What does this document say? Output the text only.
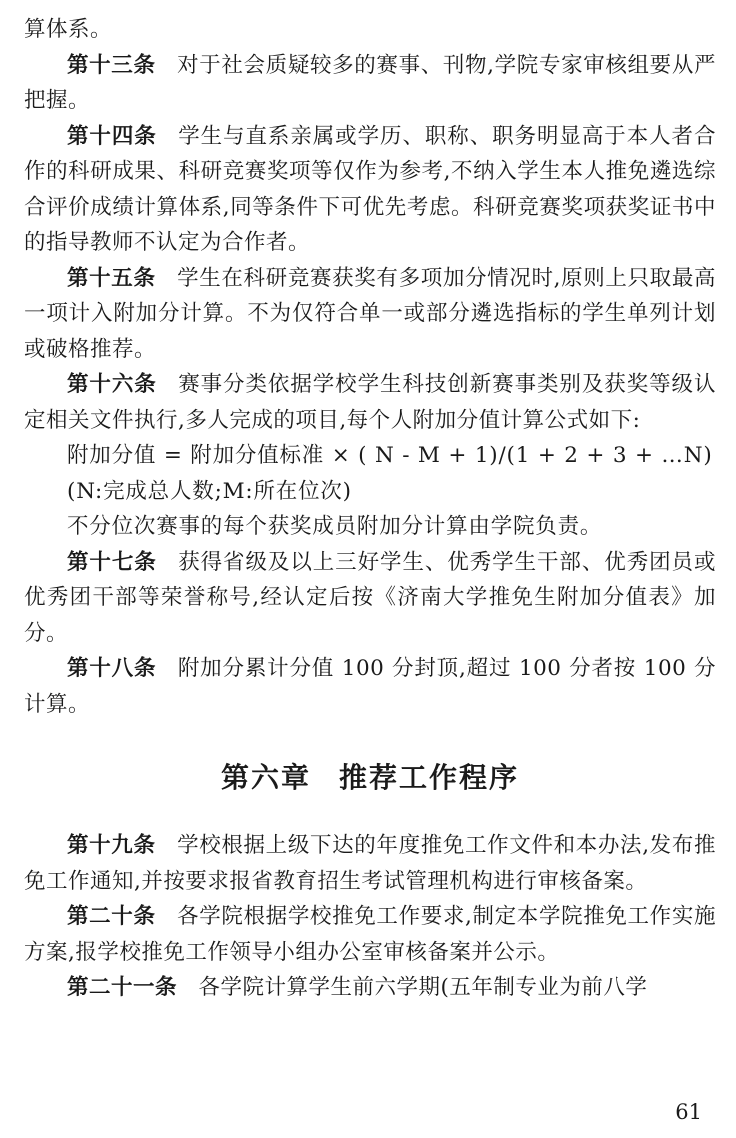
算体系。

第十三条 对于社会质疑较多的赛事、刊物,学院专家审核组要从严把握。

第十四条 学生与直系亲属或学历、职称、职务明显高于本人者合作的科研成果、科研竞赛奖项等仅作为参考,不纳入学生本人推免遴选综合评价成绩计算体系,同等条件下可优先考虑。科研竞赛奖项获奖证书中的指导教师不认定为合作者。

第十五条 学生在科研竞赛获奖有多项加分情况时,原则上只取最高一项计入附加分计算。不为仅符合单一或部分遴选指标的学生单列计划或破格推荐。

第十六条 赛事分类依据学校学生科技创新赛事类别及获奖等级认定相关文件执行,多人完成的项目,每个人附加分值计算公式如下:

附加分值 = 附加分值标准 × ( N - M + 1)/(1 + 2 + 3 + …N)

(N:完成总人数;M:所在位次)

不分位次赛事的每个获奖成员附加分计算由学院负责。

第十七条 获得省级及以上三好学生、优秀学生干部、优秀团员或优秀团干部等荣誉称号,经认定后按《济南大学推免生附加分值表》加分。

第十八条 附加分累计分值 100 分封顶,超过 100 分者按 100 分计算。

第六章 推荐工作程序

第十九条 学校根据上级下达的年度推免工作文件和本办法,发布推免工作通知,并按要求报省教育招生考试管理机构进行审核备案。

第二十条 各学院根据学校推免工作要求,制定本学院推免工作实施方案,报学校推免工作领导小组办公室审核备案并公示。

第二十一条 各学院计算学生前六学期(五年制专业为前八学

61
